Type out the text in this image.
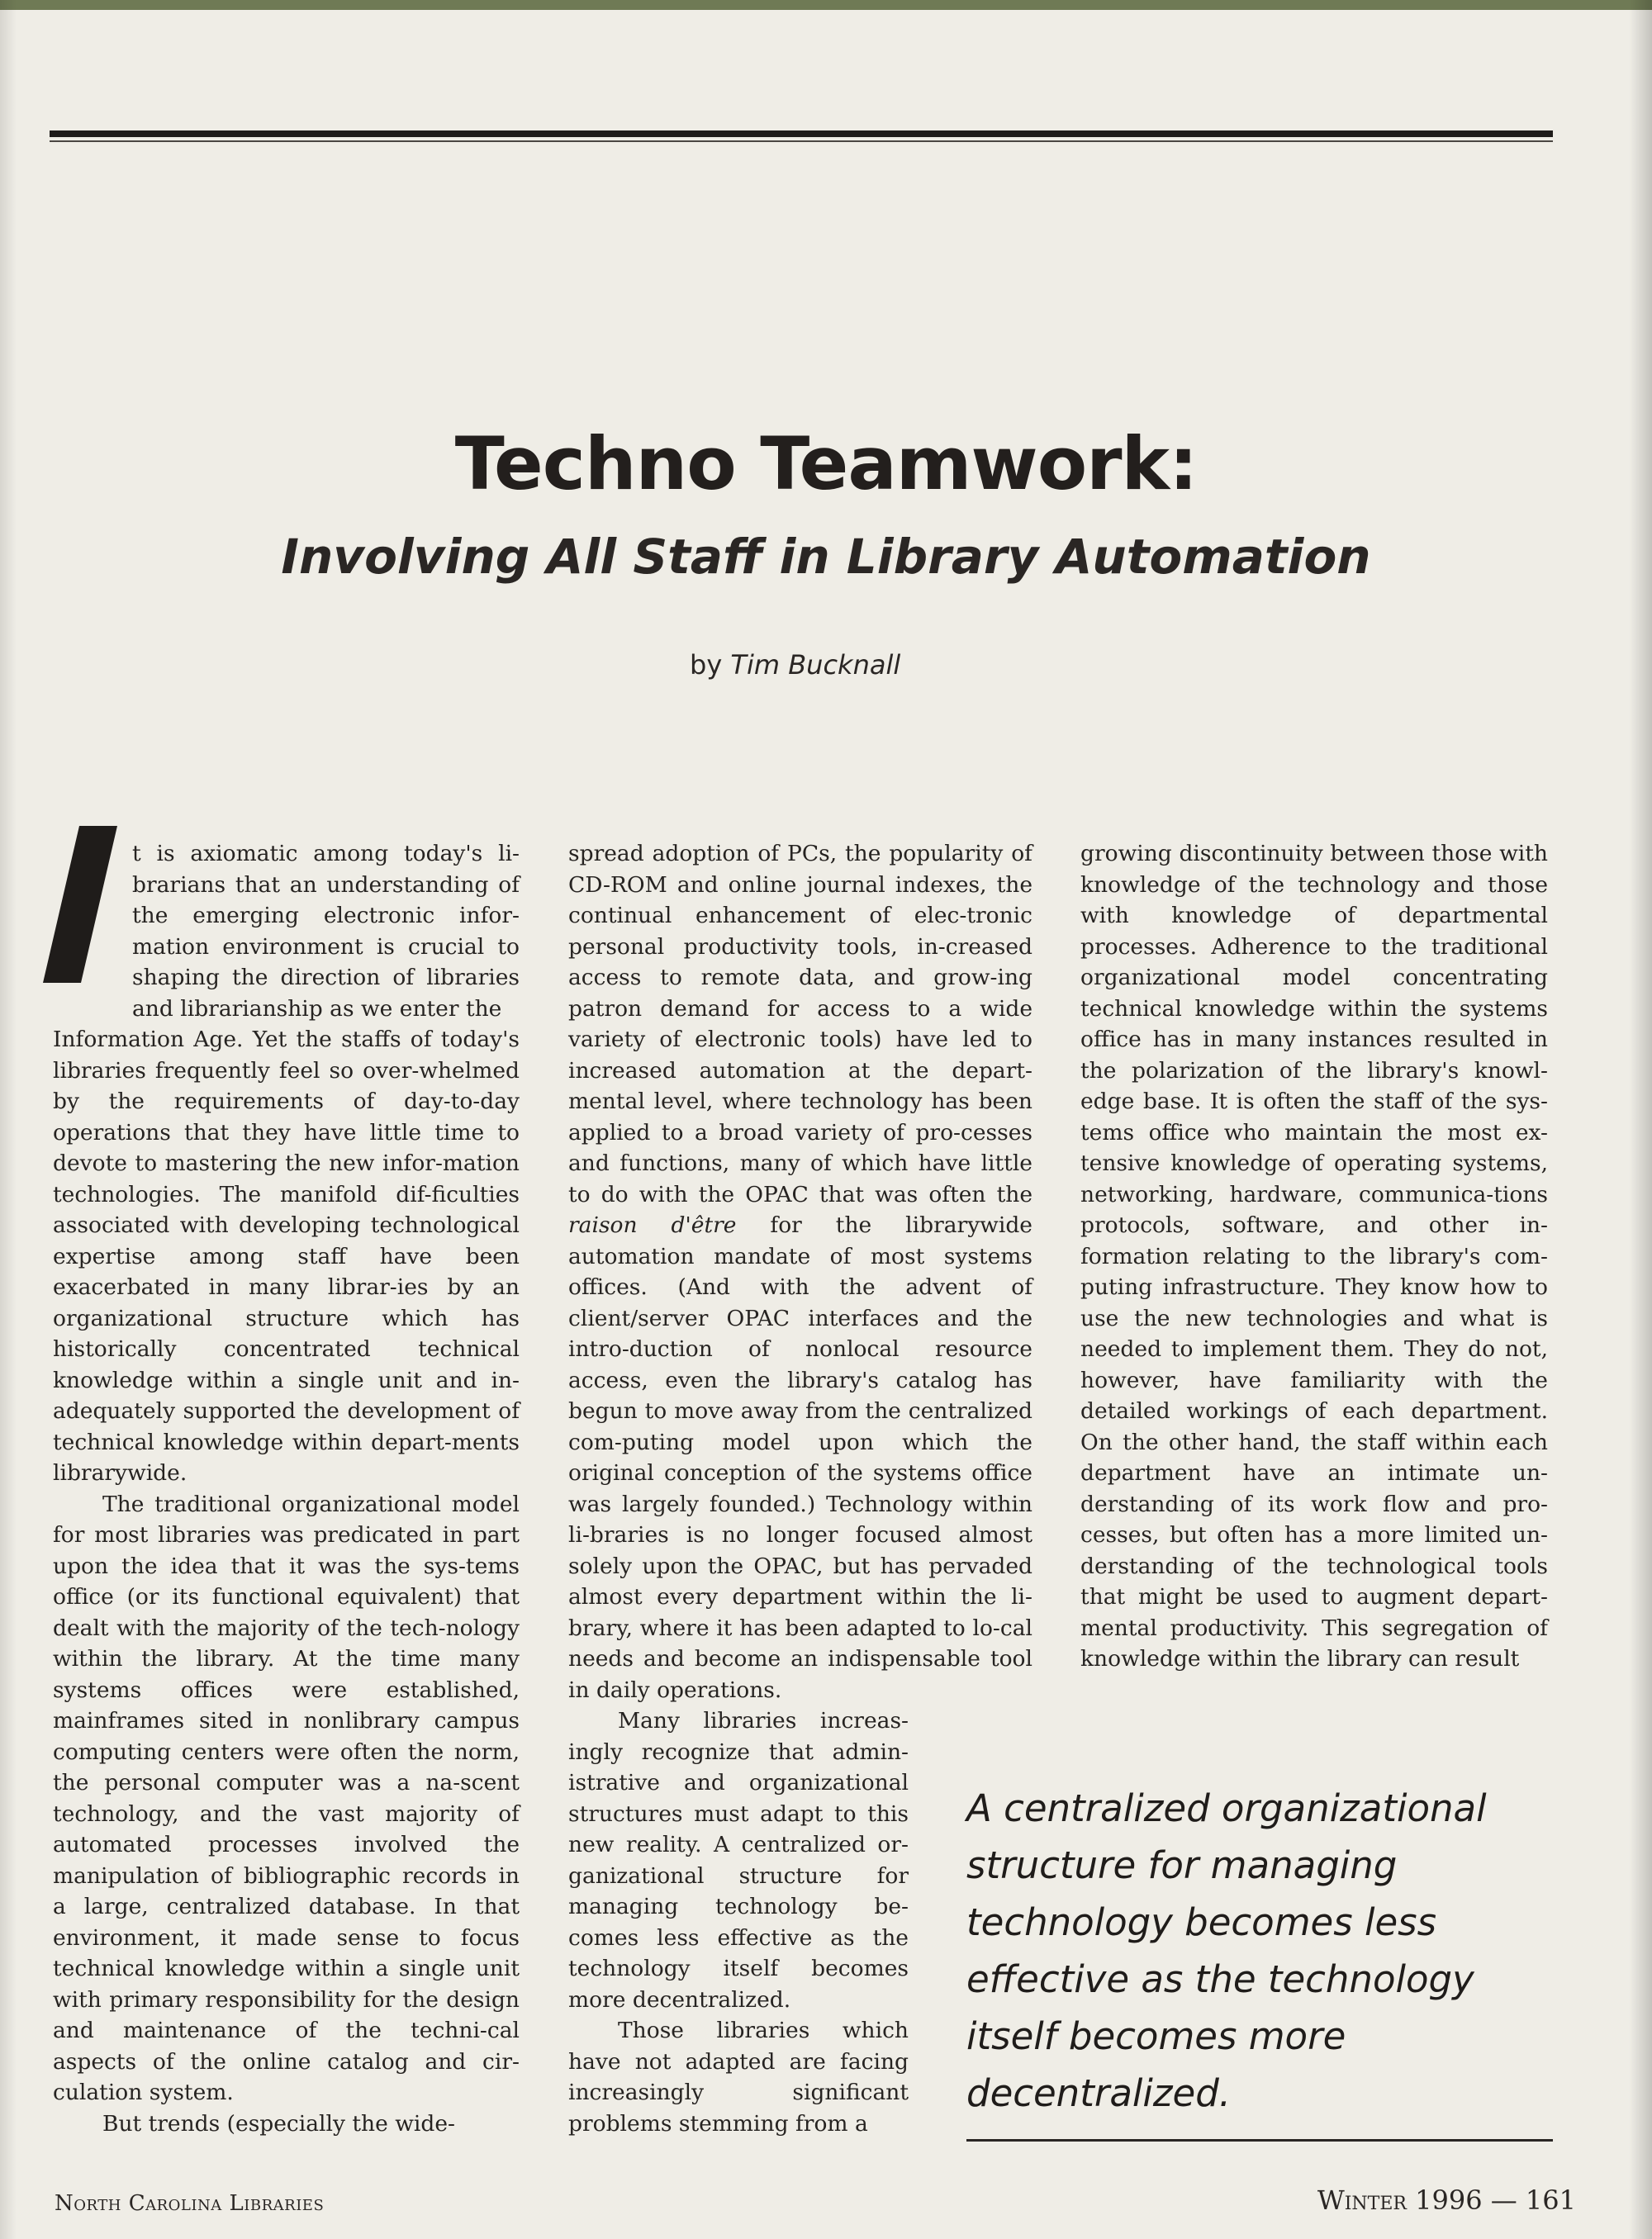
Techno Teamwork:
Involving All Staff in Library Automation
by Tim Bucknall

t is axiomatic among today's li-brarians that an understanding of the emerging electronic infor-mation environment is crucial to shaping the direction of libraries and librarianship as we enter the

Information Age. Yet the staffs of today's libraries frequently feel so over-whelmed by the requirements of day-to-day operations that they have little time to devote to mastering the new infor-mation technologies. The manifold dif-ficulties associated with developing technological expertise among staff have been exacerbated in many librar-ies by an organizational structure which has historically concentrated technical knowledge within a single unit and in-adequately supported the development of technical knowledge within depart-ments librarywide.

The traditional organizational model for most libraries was predicated in part upon the idea that it was the sys-tems office (or its functional equivalent) that dealt with the majority of the tech-nology within the library. At the time many systems offices were established, mainframes sited in nonlibrary campus computing centers were often the norm, the personal computer was a na-scent technology, and the vast majority of automated processes involved the manipulation of bibliographic records in a large, centralized database. In that environment, it made sense to focus technical knowledge within a single unit with primary responsibility for the design and maintenance of the techni-cal aspects of the online catalog and cir-culation system.

But trends (especially the wide-

spread adoption of PCs, the popularity of CD-ROM and online journal indexes, the continual enhancement of elec-tronic personal productivity tools, in-creased access to remote data, and grow-ing patron demand for access to a wide variety of electronic tools) have led to increased automation at the depart-mental level, where technology has been applied to a broad variety of pro-cesses and functions, many of which have little to do with the OPAC that was often the raison d'être for the librarywide automation mandate of most systems offices. (And with the advent of client/server OPAC interfaces and the intro-duction of nonlocal resource access, even the library's catalog has begun to move away from the centralized com-puting model upon which the original conception of the systems office was largely founded.) Technology within li-braries is no longer focused almost solely upon the OPAC, but has pervaded almost every department within the li-brary, where it has been adapted to lo-cal needs and become an indispensable tool in daily operations.

Many libraries increas-ingly recognize that admin-istrative and organizational structures must adapt to this new reality. A centralized or-ganizational structure for managing technology be-comes less effective as the technology itself becomes more decentralized.

Those libraries which have not adapted are facing increasingly significant problems stemming from a

growing discontinuity between those with knowledge of the technology and those with knowledge of departmental processes. Adherence to the traditional organizational model concentrating technical knowledge within the systems office has in many instances resulted in the polarization of the library's knowl-edge base. It is often the staff of the sys-tems office who maintain the most ex-tensive knowledge of operating systems, networking, hardware, communica-tions protocols, software, and other in-formation relating to the library's com-puting infrastructure. They know how to use the new technologies and what is needed to implement them. They do not, however, have familiarity with the detailed workings of each department. On the other hand, the staff within each department have an intimate un-derstanding of its work flow and pro-cesses, but often has a more limited un-derstanding of the technological tools that might be used to augment depart-mental productivity. This segregation of knowledge within the library can result

A centralized organizational structure for managing technology becomes less effective as the technology itself becomes more decentralized.

North Carolina Libraries	Winter 1996 — 161
